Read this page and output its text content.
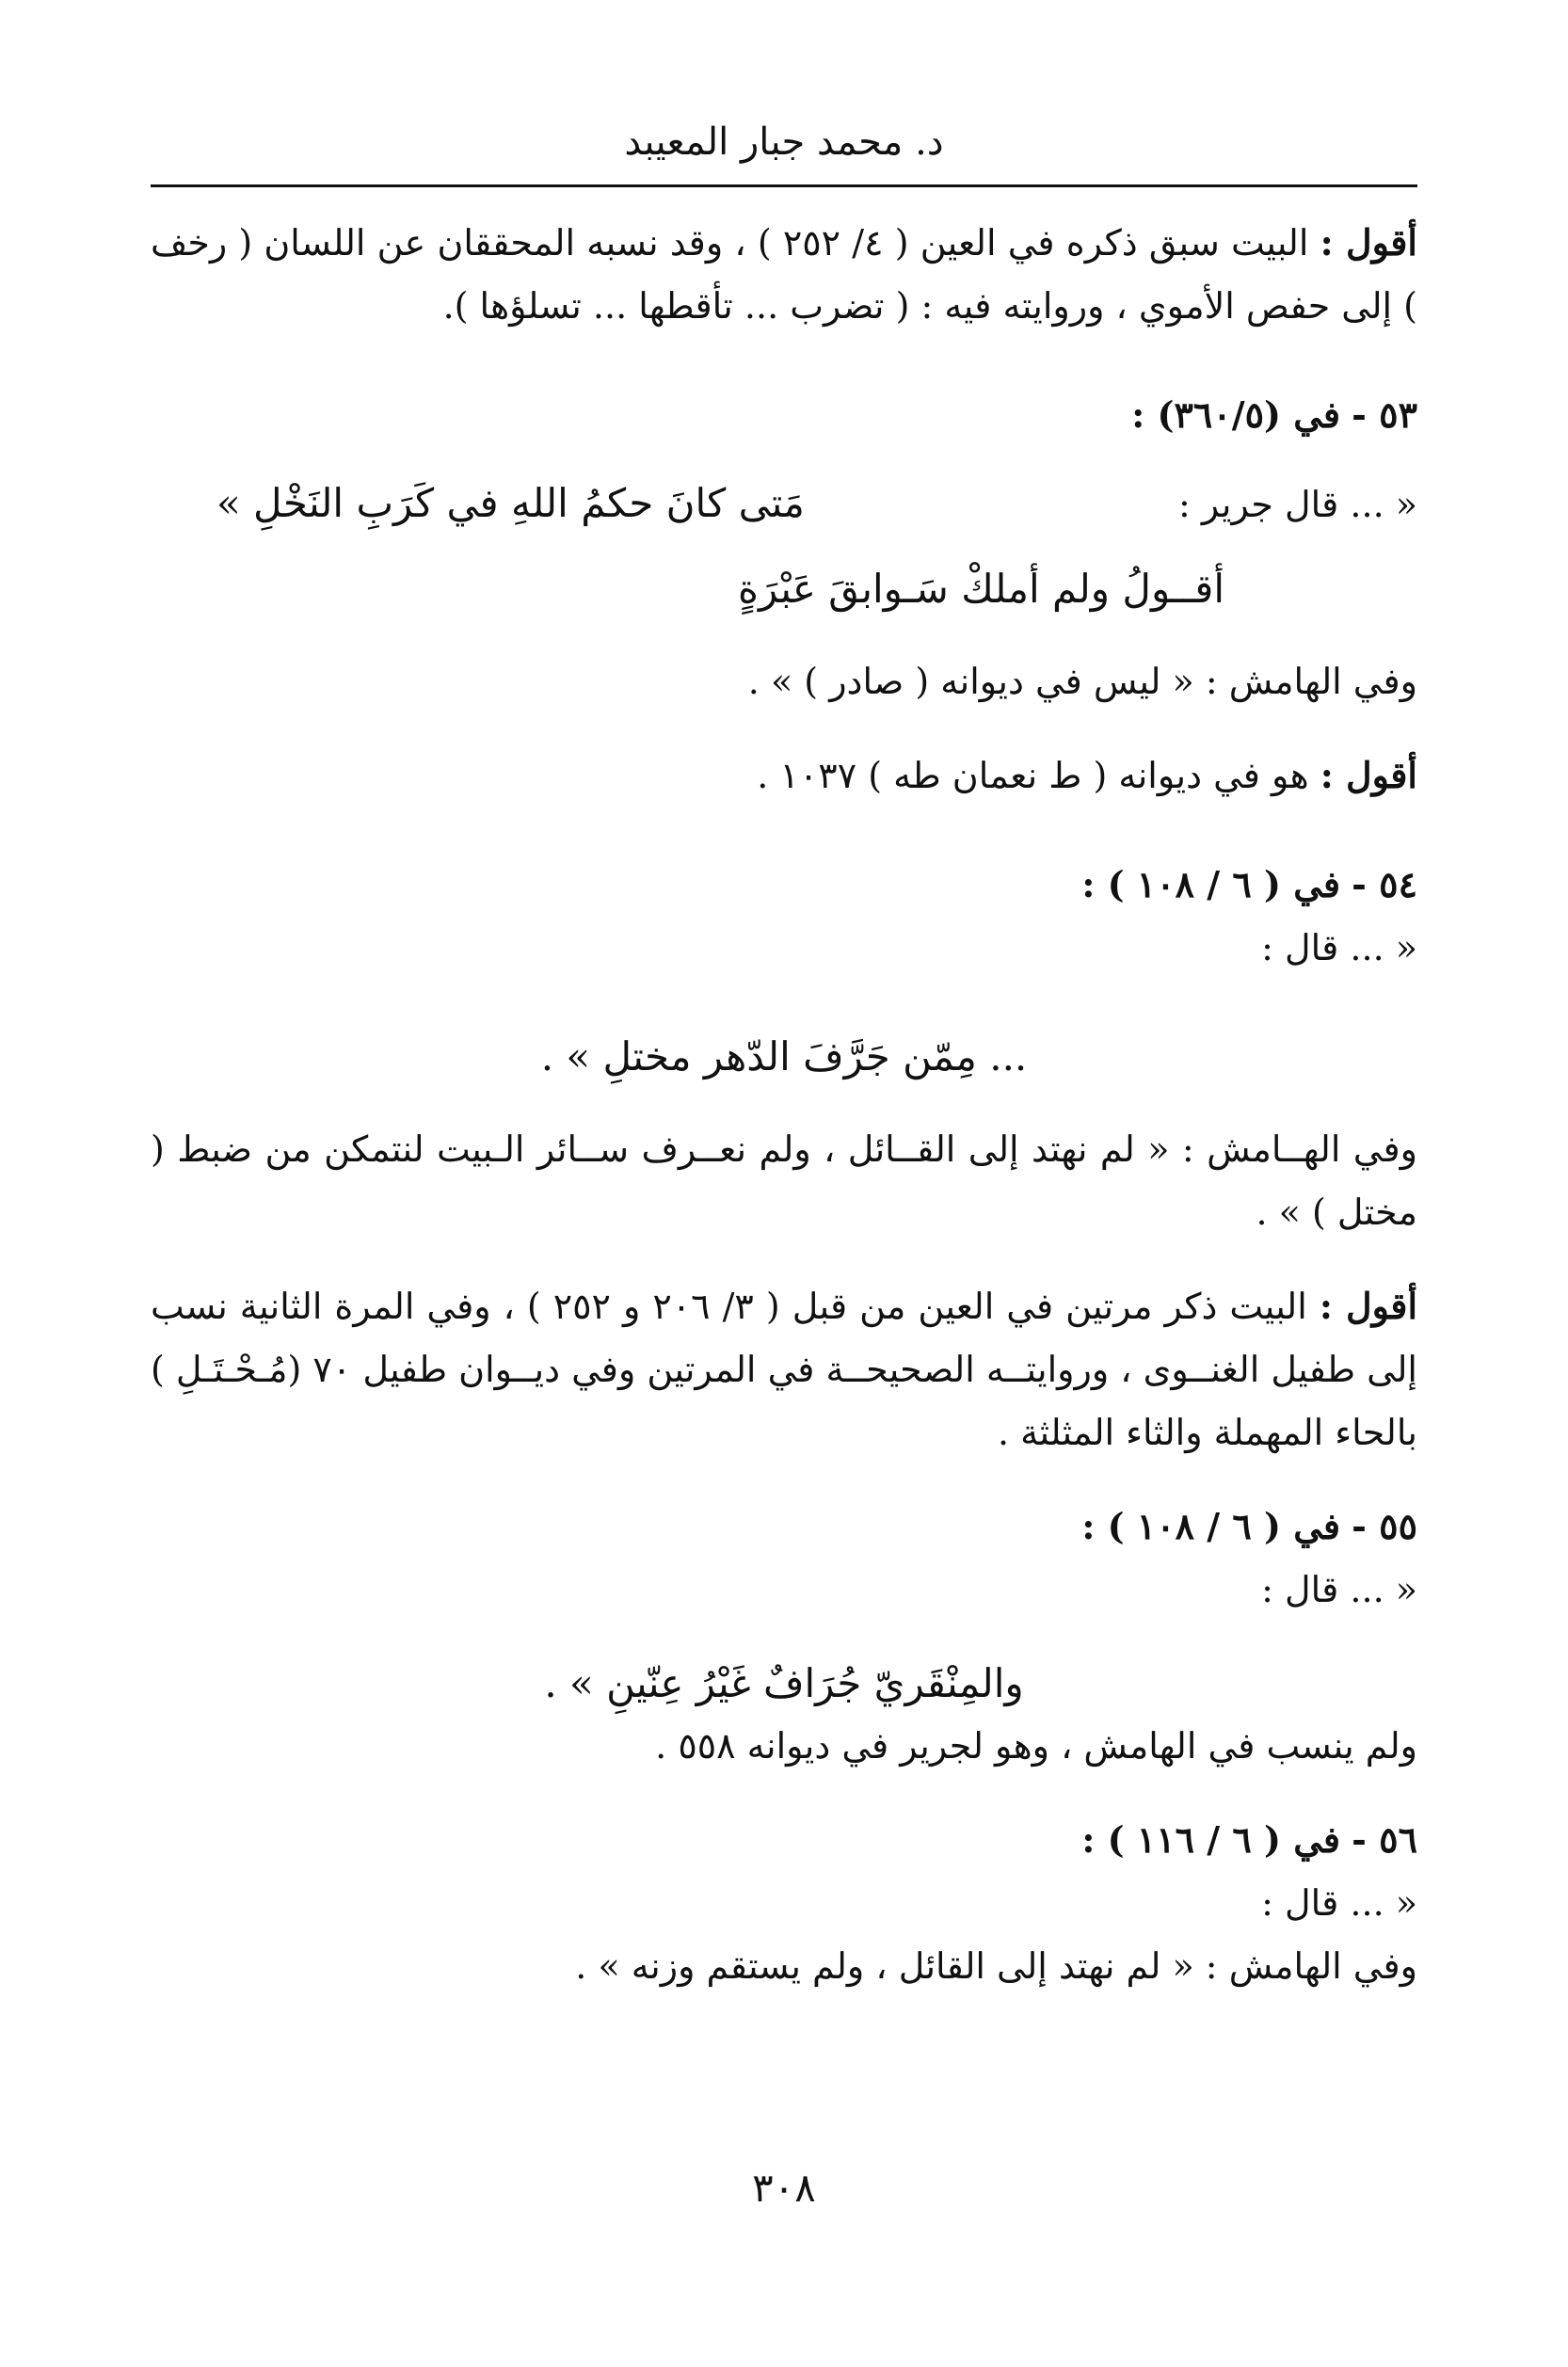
د. محمد جبار المعيبد

أقول : البيت سبق ذكره في العين ( ٤/ ٢٥٢ ) ، وقد نسبه المحققان عن اللسان ( رخف ) إلى حفص الأموي ، وروايته فيه : ( تضرب ... تأقطها ... تسلؤها ).

٥٣ - في (٣٦٠/٥) :

« ... قال جرير :
مَتى كانَ حكمُ اللهِ في كَرَبِ النَخْلِ »

أقــولُ ولم أملكْ سَـوابقَ عَبْرَةٍ

وفي الهامش : « ليس في ديوانه ( صادر ) » .

أقول : هو في ديوانه ( ط نعمان طه ) ١٠٣٧ .

٥٤ - في ( ٦ / ١٠٨ ) :

« ... قال :

... مِمّن جَرَّفَ الدّهر مختلِ » .

وفي الهــامش : « لم نهتد إلى القــائل ، ولم نعــرف ســائر الـبيت لنتمكن من ضبط ( مختل ) » .

أقول : البيت ذكر مرتين في العين من قبل ( ٣/ ٢٠٦ و ٢٥٢ ) ، وفي المرة الثانية نسب إلى طفيل الغنــوى ، وروايتــه الصحيحــة في المرتين وفي ديــوان طفيل ٧٠ (مُـحْـتَـلِ ) بالحاء المهملة والثاء المثلثة .

٥٥ - في ( ٦ / ١٠٨ ) :

« ... قال :

والمِنْقَريّ جُرَافٌ غَيْرُ عِنّينِ » .

ولم ينسب في الهامش ، وهو لجرير في ديوانه ٥٥٨ .

٥٦ - في ( ٦ / ١١٦ ) :

« ... قال :

وفي الهامش : « لم نهتد إلى القائل ، ولم يستقم وزنه » .

٣٠٨
